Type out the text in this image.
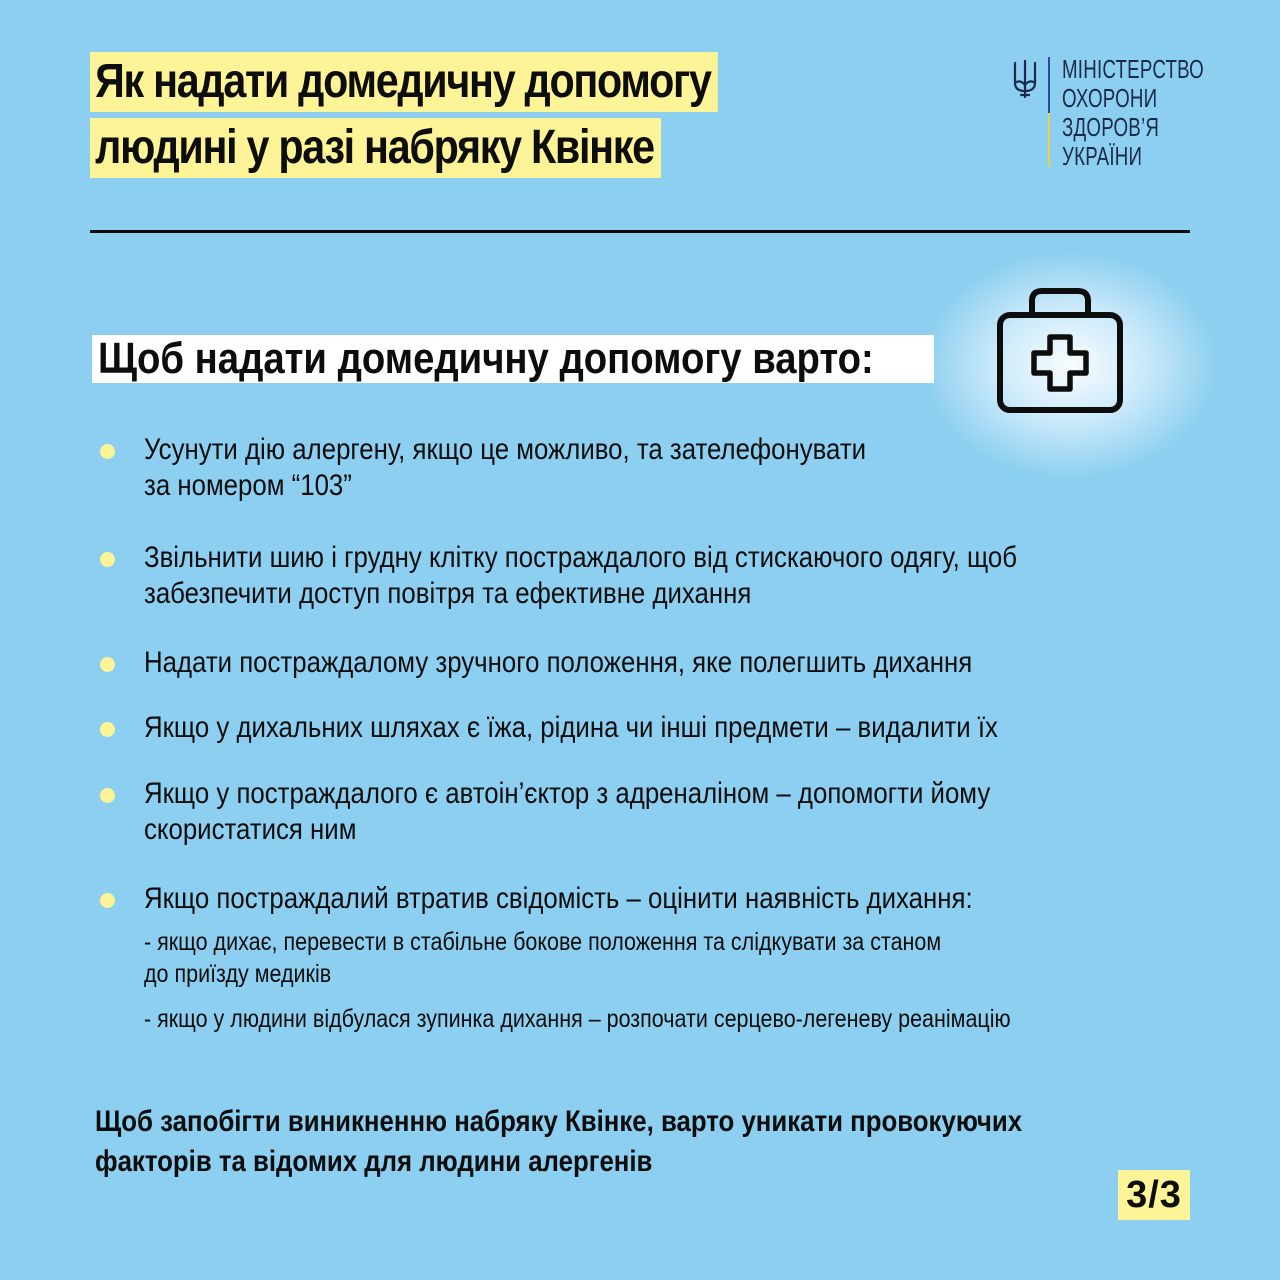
Як надати домедичну допомогу
людині у разі набряку Квінке
МІНІСТЕРСТВО
ОХОРОНИ
ЗДОРОВ’Я
УКРАЇНИ
Щоб надати домедичну допомогу варто:
Усунути дію алергену, якщо це можливо, та зателефонувати
за номером “103”
Звільнити шию і грудну клітку постраждалого від стискаючого одягу, щоб
забезпечити доступ повітря та ефективне дихання
Надати постраждалому зручного положення, яке полегшить дихання
Якщо у дихальних шляхах є їжа, рідина чи інші предмети – видалити їх
Якщо у постраждалого є автоін’єктор з адреналіном – допомогти йому
скористатися ним
Якщо постраждалий втратив свідомість – оцінити наявність дихання:
- якщо дихає, перевести в стабільне бокове положення та слідкувати за станом
до приїзду медиків
- якщо у людини відбулася зупинка дихання – розпочати серцево-легеневу реанімацію
Щоб запобігти виникненню набряку Квінке, варто уникати провокуючих
факторів та відомих для людини алергенів
3/3
